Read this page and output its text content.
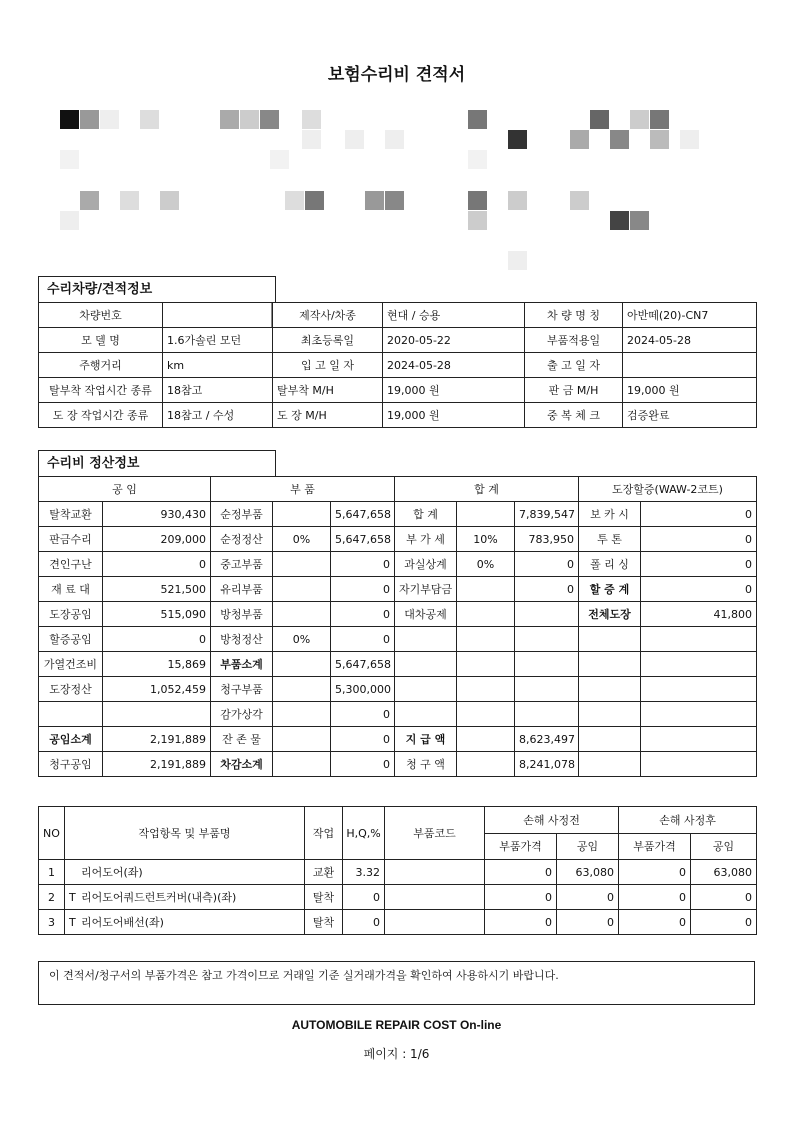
보험수리비 견적서
수리차량/견적정보
차량번호		제작사/차종	현대 / 승용	차 량 명 칭	아반떼(20)-CN7
모 델 명	1.6가솔린 모던	최초등록일	2020-05-22	부품적용일	2024-05-28
주행거리	km	입 고 일 자	2024-05-28	출 고 일 자	
탈부착 작업시간 종류	18참고	탈부착 M/H	19,000 원	판 금 M/H	19,000 원
도 장 작업시간 종류	18참고 / 수성	도 장 M/H	19,000 원	중 복 체 크	검증완료
수리비 정산정보
공 임		부 품			합 계			도장할증(WAW-2코트)	
탈착교환	930,430	순정부품		5,647,658	합 계		7,839,547	보 카 시	0
판금수리	209,000	순정정산	0%	5,647,658	부 가 세	10%	783,950	투 톤	0
견인구난	0	중고부품		0	과실상계	0%	0	폴 리 싱	0
재 료 대	521,500	유리부품		0	자기부담금		0	할 증 계	0
도장공임	515,090	방청부품		0	대차공제			전체도장	41,800
할증공임	0	방청정산	0%	0					
가열건조비	15,869	부품소계		5,647,658					
도장정산	1,052,459	청구부품		5,300,000					
		감가상각		0					
공임소계	2,191,889	잔 존 물		0	지 급 액		8,623,497		
청구공임	2,191,889	차감소계		0	청 구 액		8,241,078		
NO	작업항목 및 부품명	작업	H,Q,%	부품코드	손해 사정전		손해 사정후	
					부품가격	공임	부품가격	공임
1	리어도어(좌)	교환	3.32		0	63,080	0	63,080
2	T 리어도어쿼드런트커버(내측)(좌)	탈착	0		0	0	0	0
3	T 리어도어배선(좌)	탈착	0		0	0	0	0
이 견적서/청구서의 부품가격은 참고 가격이므로 거래일 기준 실거래가격을 확인하여 사용하시기 바랍니다.
AUTOMOBILE REPAIR COST On-line
페이지 : 1/6
